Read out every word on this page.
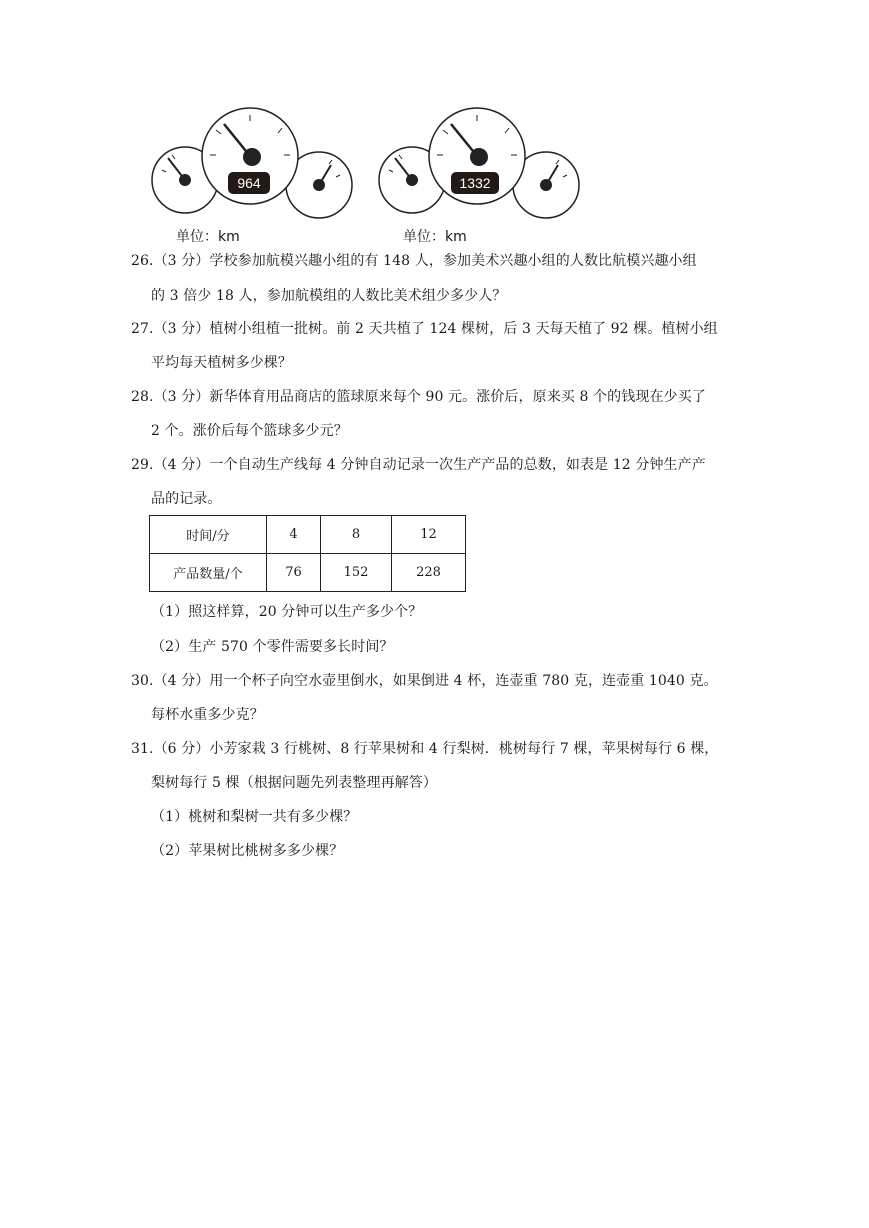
964
单位：km
1332
单位：km
26.（3 分）学校参加航模兴趣小组的有 148 人，参加美术兴趣小组的人数比航模兴趣小组
的 3 倍少 18 人，参加航模组的人数比美术组少多少人？
27.（3 分）植树小组植一批树。前 2 天共植了 124 棵树，后 3 天每天植了 92 棵。植树小组
平均每天植树多少棵？
28.（3 分）新华体育用品商店的篮球原来每个 90 元。涨价后，原来买 8 个的钱现在少买了
2 个。涨价后每个篮球多少元？
29.（4 分）一个自动生产线每 4 分钟自动记录一次生产产品的总数，如表是 12 分钟生产产
品的记录。
时间/分	4	8	12
产品数量/个	76	152	228
（1）照这样算，20 分钟可以生产多少个？
（2）生产 570 个零件需要多长时间？
30.（4 分）用一个杯子向空水壶里倒水，如果倒进 4 杯，连壶重 780 克，连壶重 1040 克。
每杯水重多少克？
31.（6 分）小芳家栽 3 行桃树、8 行苹果树和 4 行梨树．桃树每行 7 棵，苹果树每行 6 棵，
梨树每行 5 棵（根据问题先列表整理再解答）
（1）桃树和梨树一共有多少棵？
（2）苹果树比桃树多多少棵？
